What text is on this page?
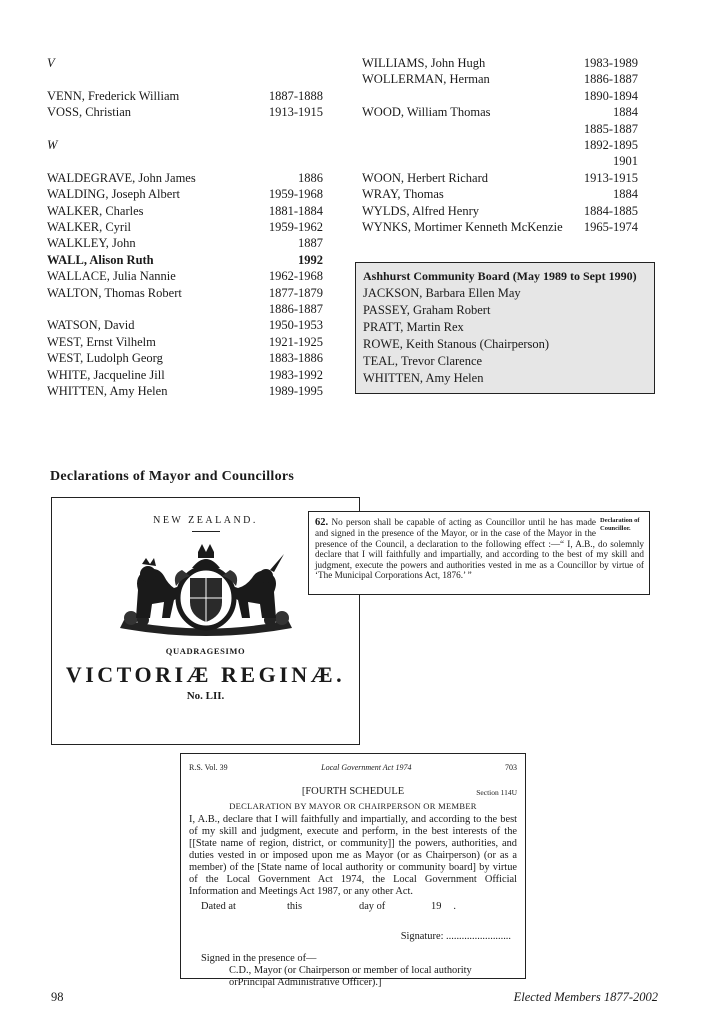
V
VENN, Frederick William	1887-1888
VOSS, Christian	1913-1915
W
WALDEGRAVE, John James	1886
WALDING, Joseph Albert	1959-1968
WALKER, Charles	1881-1884
WALKER, Cyril	1959-1962
WALKLEY, John	1887
WALL, Alison Ruth	1992
WALLACE, Julia Nannie	1962-1968
WALTON, Thomas Robert	1877-1879
1886-1887
WATSON, David	1950-1953
WEST, Ernst Vilhelm	1921-1925
WEST, Ludolph Georg	1883-1886
WHITE, Jacqueline Jill	1983-1992
WHITTEN, Amy Helen	1989-1995
WILLIAMS, John Hugh	1983-1989
WOLLERMAN, Herman	1886-1887
1890-1894
WOOD, William Thomas	1884
1885-1887
1892-1895
1901
WOON, Herbert Richard	1913-1915
WRAY, Thomas	1884
WYLDS, Alfred Henry	1884-1885
WYNKS, Mortimer Kenneth McKenzie 1965-1974
Ashhurst Community Board (May 1989 to Sept 1990)
JACKSON, Barbara Ellen May
PASSEY, Graham Robert
PRATT, Martin Rex
ROWE, Keith Stanous (Chairperson)
TEAL, Trevor Clarence
WHITTEN, Amy Helen
Declarations of Mayor and Councillors
NEW ZEALAND.
QUADRAGESIMO
VICTORIÆ REGINÆ.
No. LII.
Declaration of Councillor.
62. No person shall be capable of acting as Councillor until he has made and signed in the presence of the Mayor, or in the case of the Mayor in the presence of the Council, a declaration to the following effect :—“ I, A.B., do solemnly declare that I will faithfully and impartially, and according to the best of my skill and judgment, execute the powers and authorities vested in me as a Councillor by virtue of ‘The Municipal Corporations Act, 1876.’ ”
R.S. Vol. 39	Local Government Act 1974	703
[FOURTH SCHEDULE	Section 114U
DECLARATION BY MAYOR OR CHAIRPERSON OR MEMBER
I, A.B., declare that I will faithfully and impartially, and according to the best of my skill and judgment, execute and perform, in the best interests of the [[State name of region, district, or community]] the powers, authorities, and duties vested in or imposed upon me as Mayor (or as Chairperson) (or as a member) of the [State name of local authority or community board] by virtue of the Local Government Act 1974, the Local Government Official Information and Meetings Act 1987, or any other Act.
Dated at	this	day of	19	.
Signature: .........................
Signed in the presence of—
C.D., Mayor (or Chairperson or member of local authority orPrincipal Administrative Officer).]
98	Elected Members 1877-2002
